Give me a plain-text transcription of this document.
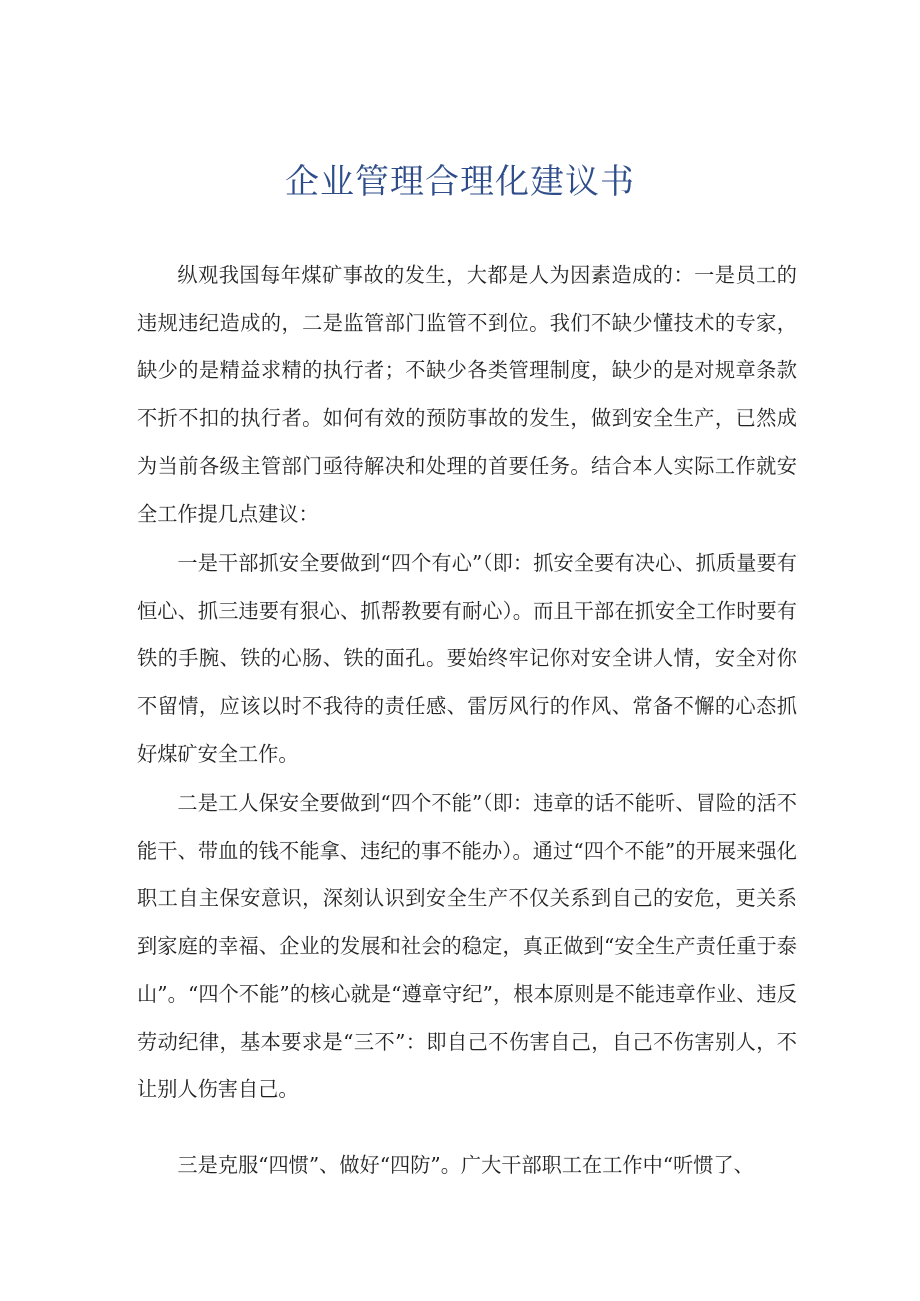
企业管理合理化建议书

纵观我国每年煤矿事故的发生，大都是人为因素造成的：一是员工的违规违纪造成的，二是监管部门监管不到位。我们不缺少懂技术的专家，缺少的是精益求精的执行者；不缺少各类管理制度，缺少的是对规章条款不折不扣的执行者。如何有效的预防事故的发生，做到安全生产，已然成为当前各级主管部门亟待解决和处理的首要任务。结合本人实际工作就安全工作提几点建议：

一是干部抓安全要做到“四个有心”（即：抓安全要有决心、抓质量要有恒心、抓三违要有狠心、抓帮教要有耐心）。而且干部在抓安全工作时要有铁的手腕、铁的心肠、铁的面孔。要始终牢记你对安全讲人情，安全对你不留情，应该以时不我待的责任感、雷厉风行的作风、常备不懈的心态抓好煤矿安全工作。

二是工人保安全要做到“四个不能”（即：违章的话不能听、冒险的活不能干、带血的钱不能拿、违纪的事不能办）。通过“四个不能”的开展来强化职工自主保安意识，深刻认识到安全生产不仅关系到自己的安危，更关系到家庭的幸福、企业的发展和社会的稳定，真正做到“安全生产责任重于泰山”。“四个不能”的核心就是“遵章守纪”，根本原则是不能违章作业、违反劳动纪律，基本要求是“三不”：即自己不伤害自己，自己不伤害别人，不让别人伤害自己。

三是克服“四惯”、做好“四防”。广大干部职工在工作中“听惯了、
